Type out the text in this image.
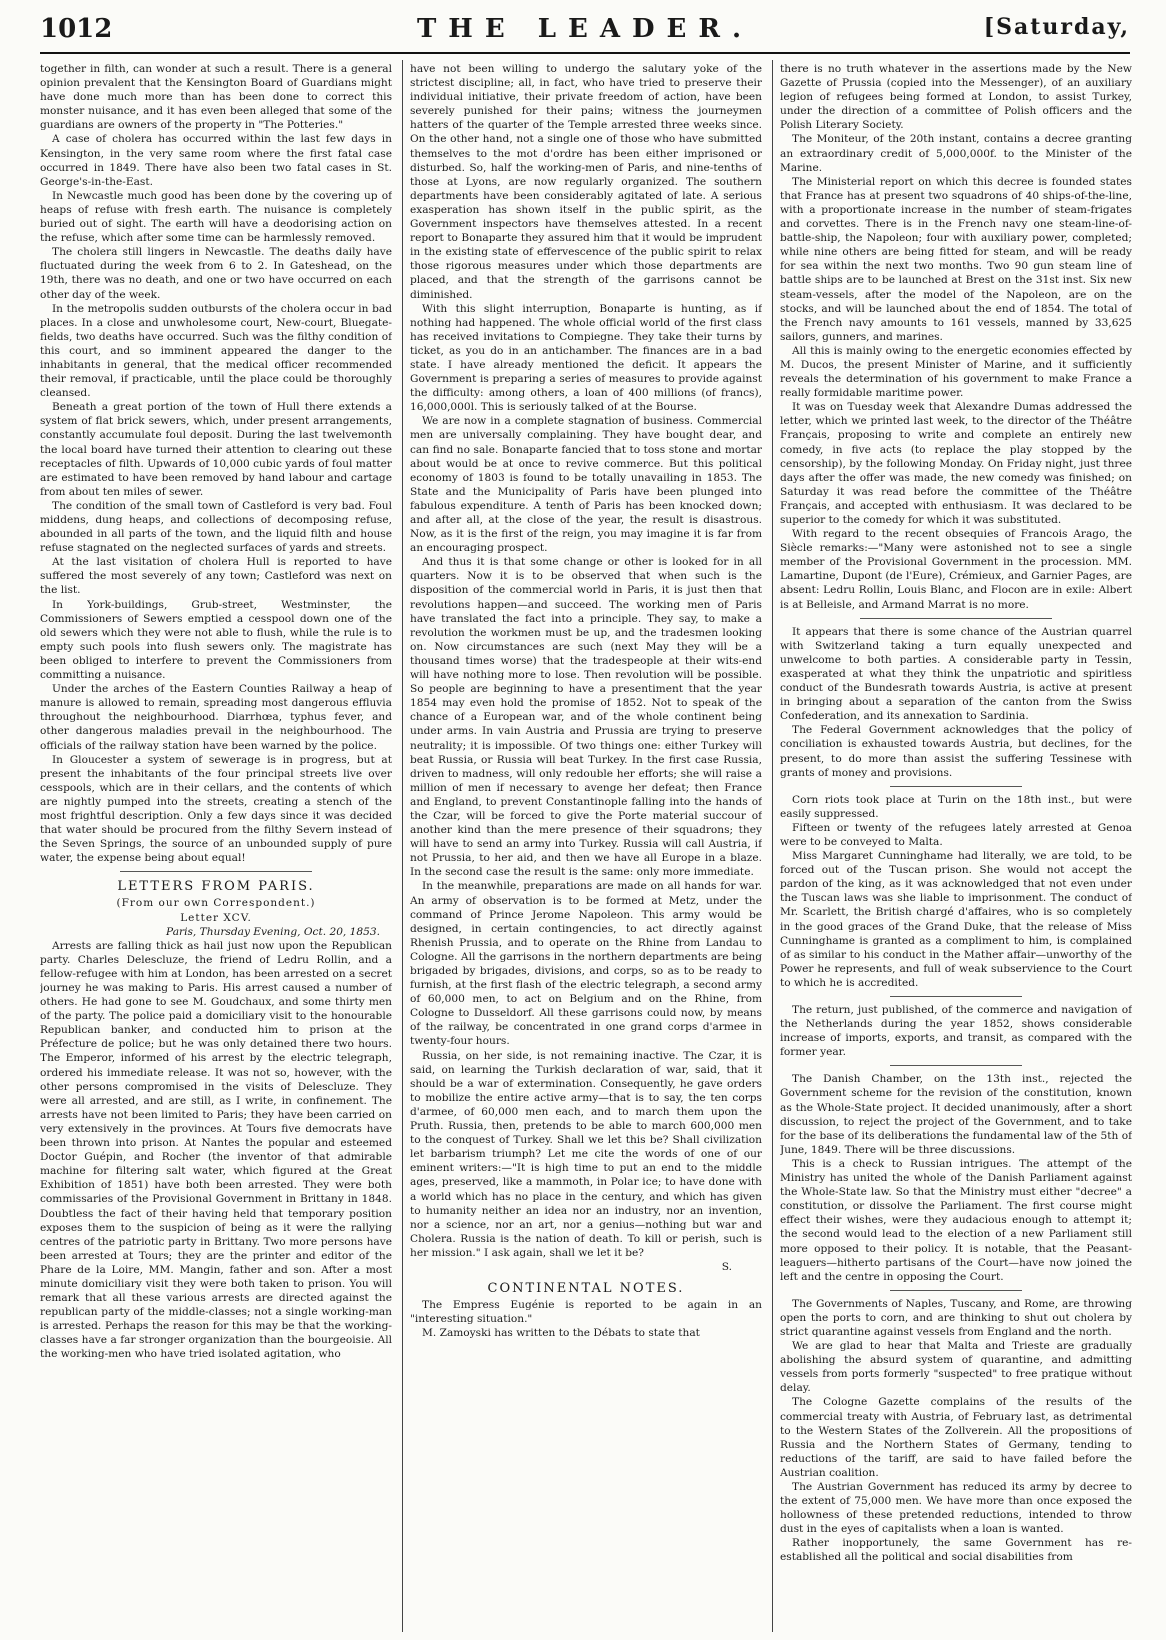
1012	THE LEADER.	[Saturday,

together in filth, can wonder at such a result. There is a general opinion prevalent that the Kensington Board of Guardians might have done much more than has been done to correct this monster nuisance, and it has even been alleged that some of the guardians are owners of the property in "The Potteries."

A case of cholera has occurred within the last few days in Kensington, in the very same room where the first fatal case occurred in 1849. There have also been two fatal cases in St. George's-in-the-East.

In Newcastle much good has been done by the covering up of heaps of refuse with fresh earth. The nuisance is completely buried out of sight. The earth will have a deodorising action on the refuse, which after some time can be harmlessly removed.

The cholera still lingers in Newcastle. The deaths daily have fluctuated during the week from 6 to 2. In Gateshead, on the 19th, there was no death, and one or two have occurred on each other day of the week.

In the metropolis sudden outbursts of the cholera occur in bad places. In a close and unwholesome court, New-court, Bluegate-fields, two deaths have occurred. Such was the filthy condition of this court, and so imminent appeared the danger to the inhabitants in general, that the medical officer recommended their removal, if practicable, until the place could be thoroughly cleansed.

Beneath a great portion of the town of Hull there extends a system of flat brick sewers, which, under present arrangements, constantly accumulate foul deposit. During the last twelvemonth the local board have turned their attention to clearing out these receptacles of filth. Upwards of 10,000 cubic yards of foul matter are estimated to have been removed by hand labour and cartage from about ten miles of sewer.

The condition of the small town of Castleford is very bad. Foul middens, dung heaps, and collections of decomposing refuse, abounded in all parts of the town, and the liquid filth and house refuse stagnated on the neglected surfaces of yards and streets.

At the last visitation of cholera Hull is reported to have suffered the most severely of any town; Castleford was next on the list.

In York-buildings, Grub-street, Westminster, the Commissioners of Sewers emptied a cesspool down one of the old sewers which they were not able to flush, while the rule is to empty such pools into flush sewers only. The magistrate has been obliged to interfere to prevent the Commissioners from committing a nuisance.

Under the arches of the Eastern Counties Railway a heap of manure is allowed to remain, spreading most dangerous effluvia throughout the neighbourhood. Diarrhœa, typhus fever, and other dangerous maladies prevail in the neighbourhood. The officials of the railway station have been warned by the police.

In Gloucester a system of sewerage is in progress, but at present the inhabitants of the four principal streets live over cesspools, which are in their cellars, and the contents of which are nightly pumped into the streets, creating a stench of the most frightful description. Only a few days since it was decided that water should be procured from the filthy Severn instead of the Seven Springs, the source of an unbounded supply of pure water, the expense being about equal!

LETTERS FROM PARIS.

(From our own Correspondent.)

Letter XCV.

Paris, Thursday Evening, Oct. 20, 1853.

Arrests are falling thick as hail just now upon the Republican party. Charles Delescluze, the friend of Ledru Rollin, and a fellow-refugee with him at London, has been arrested on a secret journey he was making to Paris. His arrest caused a number of others. He had gone to see M. Goudchaux, and some thirty men of the party. The police paid a domiciliary visit to the honourable Republican banker, and conducted him to prison at the Préfecture de police; but he was only detained there two hours. The Emperor, informed of his arrest by the electric telegraph, ordered his immediate release. It was not so, however, with the other persons compromised in the visits of Delescluze. They were all arrested, and are still, as I write, in confinement. The arrests have not been limited to Paris; they have been carried on very extensively in the provinces. At Tours five democrats have been thrown into prison. At Nantes the popular and esteemed Doctor Guépin, and Rocher (the inventor of that admirable machine for filtering salt water, which figured at the Great Exhibition of 1851) have both been arrested. They were both commissaries of the Provisional Government in Brittany in 1848. Doubtless the fact of their having held that temporary position exposes them to the suspicion of being as it were the rallying centres of the patriotic party in Brittany. Two more persons have been arrested at Tours; they are the printer and editor of the Phare de la Loire, MM. Mangin, father and son. After a most minute domiciliary visit they were both taken to prison. You will remark that all these various arrests are directed against the republican party of the middle-classes; not a single working-man is arrested. Perhaps the reason for this may be that the working-classes have a far stronger organization than the bourgeoisie. All the working-men who have tried isolated agitation, who

have not been willing to undergo the salutary yoke of the strictest discipline; all, in fact, who have tried to preserve their individual initiative, their private freedom of action, have been severely punished for their pains; witness the journeymen hatters of the quarter of the Temple arrested three weeks since. On the other hand, not a single one of those who have submitted themselves to the mot d'ordre has been either imprisoned or disturbed. So, half the working-men of Paris, and nine-tenths of those at Lyons, are now regularly organized. The southern departments have been considerably agitated of late. A serious exasperation has shown itself in the public spirit, as the Government inspectors have themselves attested. In a recent report to Bonaparte they assured him that it would be imprudent in the existing state of effervescence of the public spirit to relax those rigorous measures under which those departments are placed, and that the strength of the garrisons cannot be diminished.

With this slight interruption, Bonaparte is hunting, as if nothing had happened. The whole official world of the first class has received invitations to Compiegne. They take their turns by ticket, as you do in an antichamber. The finances are in a bad state. I have already mentioned the deficit. It appears the Government is preparing a series of measures to provide against the difficulty: among others, a loan of 400 millions (of francs), 16,000,000l. This is seriously talked of at the Bourse.

We are now in a complete stagnation of business. Commercial men are universally complaining. They have bought dear, and can find no sale. Bonaparte fancied that to toss stone and mortar about would be at once to revive commerce. But this political economy of 1803 is found to be totally unavailing in 1853. The State and the Municipality of Paris have been plunged into fabulous expenditure. A tenth of Paris has been knocked down; and after all, at the close of the year, the result is disastrous. Now, as it is the first of the reign, you may imagine it is far from an encouraging prospect.

And thus it is that some change or other is looked for in all quarters. Now it is to be observed that when such is the disposition of the commercial world in Paris, it is just then that revolutions happen—and succeed. The working men of Paris have translated the fact into a principle. They say, to make a revolution the workmen must be up, and the tradesmen looking on. Now circumstances are such (next May they will be a thousand times worse) that the tradespeople at their wits-end will have nothing more to lose. Then revolution will be possible. So people are beginning to have a presentiment that the year 1854 may even hold the promise of 1852. Not to speak of the chance of a European war, and of the whole continent being under arms. In vain Austria and Prussia are trying to preserve neutrality; it is impossible. Of two things one: either Turkey will beat Russia, or Russia will beat Turkey. In the first case Russia, driven to madness, will only redouble her efforts; she will raise a million of men if necessary to avenge her defeat; then France and England, to prevent Constantinople falling into the hands of the Czar, will be forced to give the Porte material succour of another kind than the mere presence of their squadrons; they will have to send an army into Turkey. Russia will call Austria, if not Prussia, to her aid, and then we have all Europe in a blaze. In the second case the result is the same: only more immediate.

In the meanwhile, preparations are made on all hands for war. An army of observation is to be formed at Metz, under the command of Prince Jerome Napoleon. This army would be designed, in certain contingencies, to act directly against Rhenish Prussia, and to operate on the Rhine from Landau to Cologne. All the garrisons in the northern departments are being brigaded by brigades, divisions, and corps, so as to be ready to furnish, at the first flash of the electric telegraph, a second army of 60,000 men, to act on Belgium and on the Rhine, from Cologne to Dusseldorf. All these garrisons could now, by means of the railway, be concentrated in one grand corps d'armee in twenty-four hours.

Russia, on her side, is not remaining inactive. The Czar, it is said, on learning the Turkish declaration of war, said, that it should be a war of extermination. Consequently, he gave orders to mobilize the entire active army—that is to say, the ten corps d'armee, of 60,000 men each, and to march them upon the Pruth. Russia, then, pretends to be able to march 600,000 men to the conquest of Turkey. Shall we let this be? Shall civilization let barbarism triumph? Let me cite the words of one of our eminent writers:—"It is high time to put an end to the middle ages, preserved, like a mammoth, in Polar ice; to have done with a world which has no place in the century, and which has given to humanity neither an idea nor an industry, nor an invention, nor a science, nor an art, nor a genius—nothing but war and Cholera. Russia is the nation of death. To kill or perish, such is her mission." I ask again, shall we let it be?

S.

CONTINENTAL NOTES.

The Empress Eugénie is reported to be again in an "interesting situation."

M. Zamoyski has written to the Débats to state that

there is no truth whatever in the assertions made by the New Gazette of Prussia (copied into the Messenger), of an auxiliary legion of refugees being formed at London, to assist Turkey, under the direction of a committee of Polish officers and the Polish Literary Society.

The Moniteur, of the 20th instant, contains a decree granting an extraordinary credit of 5,000,000f. to the Minister of the Marine.

The Ministerial report on which this decree is founded states that France has at present two squadrons of 40 ships-of-the-line, with a proportionate increase in the number of steam-frigates and corvettes. There is in the French navy one steam-line-of-battle-ship, the Napoleon; four with auxiliary power, completed; while nine others are being fitted for steam, and will be ready for sea within the next two months. Two 90 gun steam line of battle ships are to be launched at Brest on the 31st inst. Six new steam-vessels, after the model of the Napoleon, are on the stocks, and will be launched about the end of 1854. The total of the French navy amounts to 161 vessels, manned by 33,625 sailors, gunners, and marines.

All this is mainly owing to the energetic economies effected by M. Ducos, the present Minister of Marine, and it sufficiently reveals the determination of his government to make France a really formidable maritime power.

It was on Tuesday week that Alexandre Dumas addressed the letter, which we printed last week, to the director of the Théâtre Français, proposing to write and complete an entirely new comedy, in five acts (to replace the play stopped by the censorship), by the following Monday. On Friday night, just three days after the offer was made, the new comedy was finished; on Saturday it was read before the committee of the Théâtre Français, and accepted with enthusiasm. It was declared to be superior to the comedy for which it was substituted.

With regard to the recent obsequies of Francois Arago, the Siècle remarks:—"Many were astonished not to see a single member of the Provisional Government in the procession. MM. Lamartine, Dupont (de l'Eure), Crémieux, and Garnier Pages, are absent: Ledru Rollin, Louis Blanc, and Flocon are in exile: Albert is at Belleisle, and Armand Marrat is no more.

It appears that there is some chance of the Austrian quarrel with Switzerland taking a turn equally unexpected and unwelcome to both parties. A considerable party in Tessin, exasperated at what they think the unpatriotic and spiritless conduct of the Bundesrath towards Austria, is active at present in bringing about a separation of the canton from the Swiss Confederation, and its annexation to Sardinia.

The Federal Government acknowledges that the policy of conciliation is exhausted towards Austria, but declines, for the present, to do more than assist the suffering Tessinese with grants of money and provisions.

Corn riots took place at Turin on the 18th inst., but were easily suppressed.

Fifteen or twenty of the refugees lately arrested at Genoa were to be conveyed to Malta.

Miss Margaret Cunninghame had literally, we are told, to be forced out of the Tuscan prison. She would not accept the pardon of the king, as it was acknowledged that not even under the Tuscan laws was she liable to imprisonment. The conduct of Mr. Scarlett, the British chargé d'affaires, who is so completely in the good graces of the Grand Duke, that the release of Miss Cunninghame is granted as a compliment to him, is complained of as similar to his conduct in the Mather affair—unworthy of the Power he represents, and full of weak subservience to the Court to which he is accredited.

The return, just published, of the commerce and navigation of the Netherlands during the year 1852, shows considerable increase of imports, exports, and transit, as compared with the former year.

The Danish Chamber, on the 13th inst., rejected the Government scheme for the revision of the constitution, known as the Whole-State project. It decided unanimously, after a short discussion, to reject the project of the Government, and to take for the base of its deliberations the fundamental law of the 5th of June, 1849. There will be three discussions.

This is a check to Russian intrigues. The attempt of the Ministry has united the whole of the Danish Parliament against the Whole-State law. So that the Ministry must either "decree" a constitution, or dissolve the Parliament. The first course might effect their wishes, were they audacious enough to attempt it; the second would lead to the election of a new Parliament still more opposed to their policy. It is notable, that the Peasant-leaguers—hitherto partisans of the Court—have now joined the left and the centre in opposing the Court.

The Governments of Naples, Tuscany, and Rome, are throwing open the ports to corn, and are thinking to shut out cholera by strict quarantine against vessels from England and the north.

We are glad to hear that Malta and Trieste are gradually abolishing the absurd system of quarantine, and admitting vessels from ports formerly "suspected" to free pratique without delay.

The Cologne Gazette complains of the results of the commercial treaty with Austria, of February last, as detrimental to the Western States of the Zollverein. All the propositions of Russia and the Northern States of Germany, tending to reductions of the tariff, are said to have failed before the Austrian coalition.

The Austrian Government has reduced its army by decree to the extent of 75,000 men. We have more than once exposed the hollowness of these pretended reductions, intended to throw dust in the eyes of capitalists when a loan is wanted.

Rather inopportunely, the same Government has re-established all the political and social disabilities from
